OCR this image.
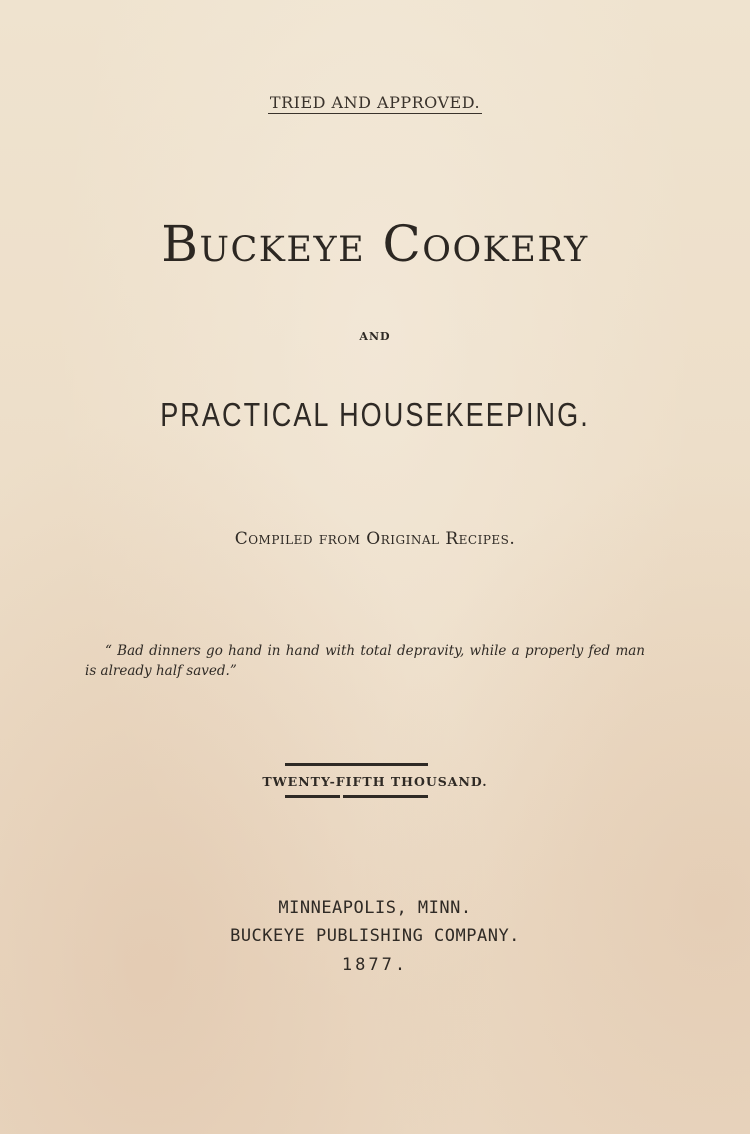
TRIED AND APPROVED.
Buckeye Cookery
AND
PRACTICAL HOUSEKEEPING.
Compiled from Original Recipes.
“ Bad dinners go hand in hand with total depravity, while a properly fed man is already half saved.”
TWENTY-FIFTH THOUSAND.
MINNEAPOLIS, MINN.
BUCKEYE PUBLISHING COMPANY.
1877.
